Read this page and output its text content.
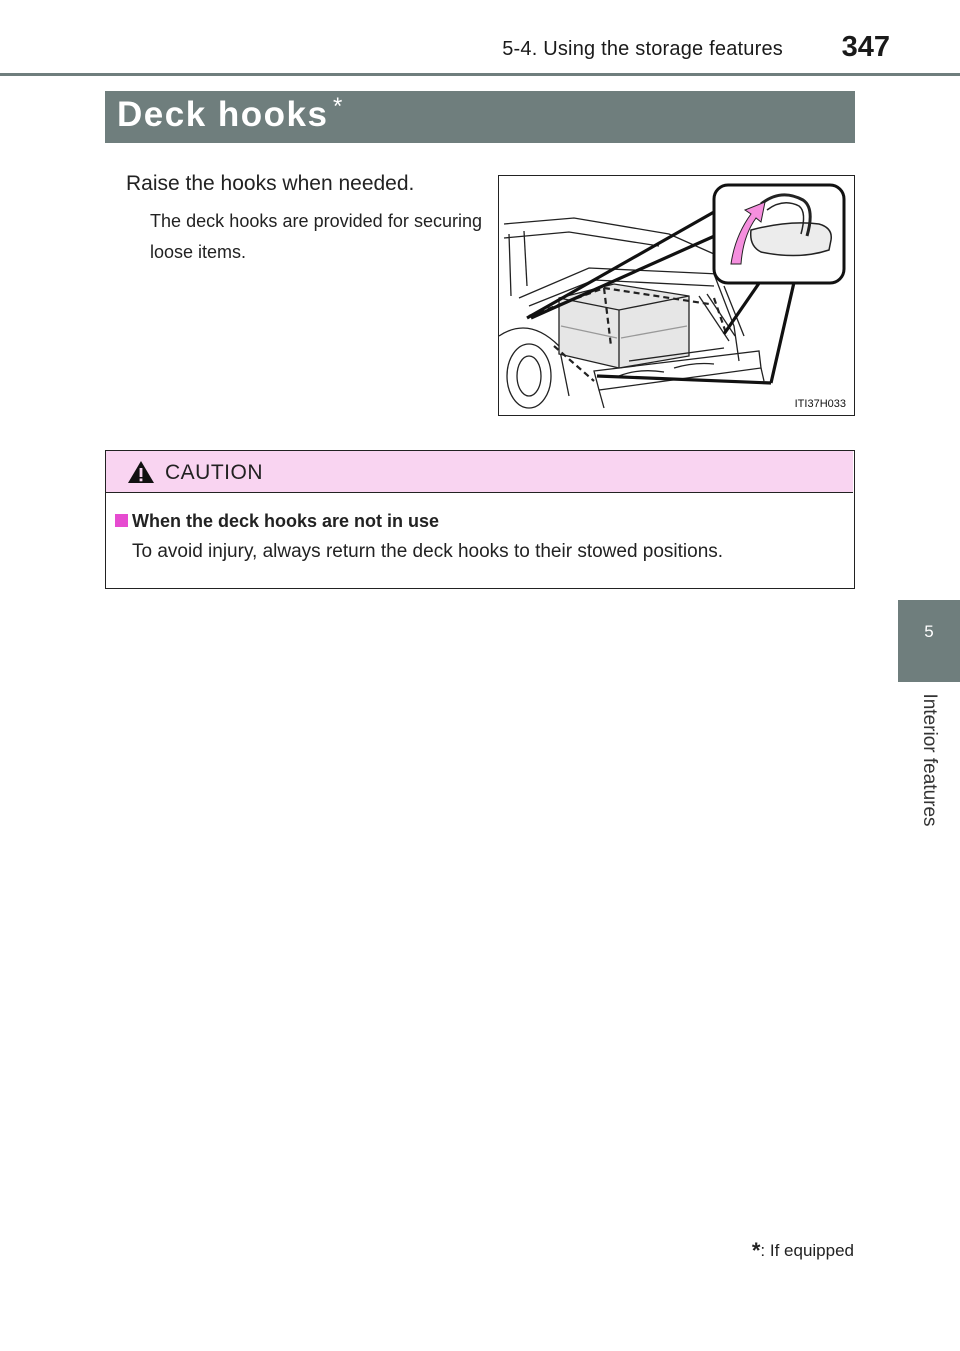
5-4. Using the storage features 347
5
Interior features
Deck hooks *
Raise the hooks when needed.
The deck hooks are provided for securing loose items.
ITI37H033
CAUTION
When the deck hooks are not in use
To avoid injury, always return the deck hooks to their stowed positions.
*: If equipped
